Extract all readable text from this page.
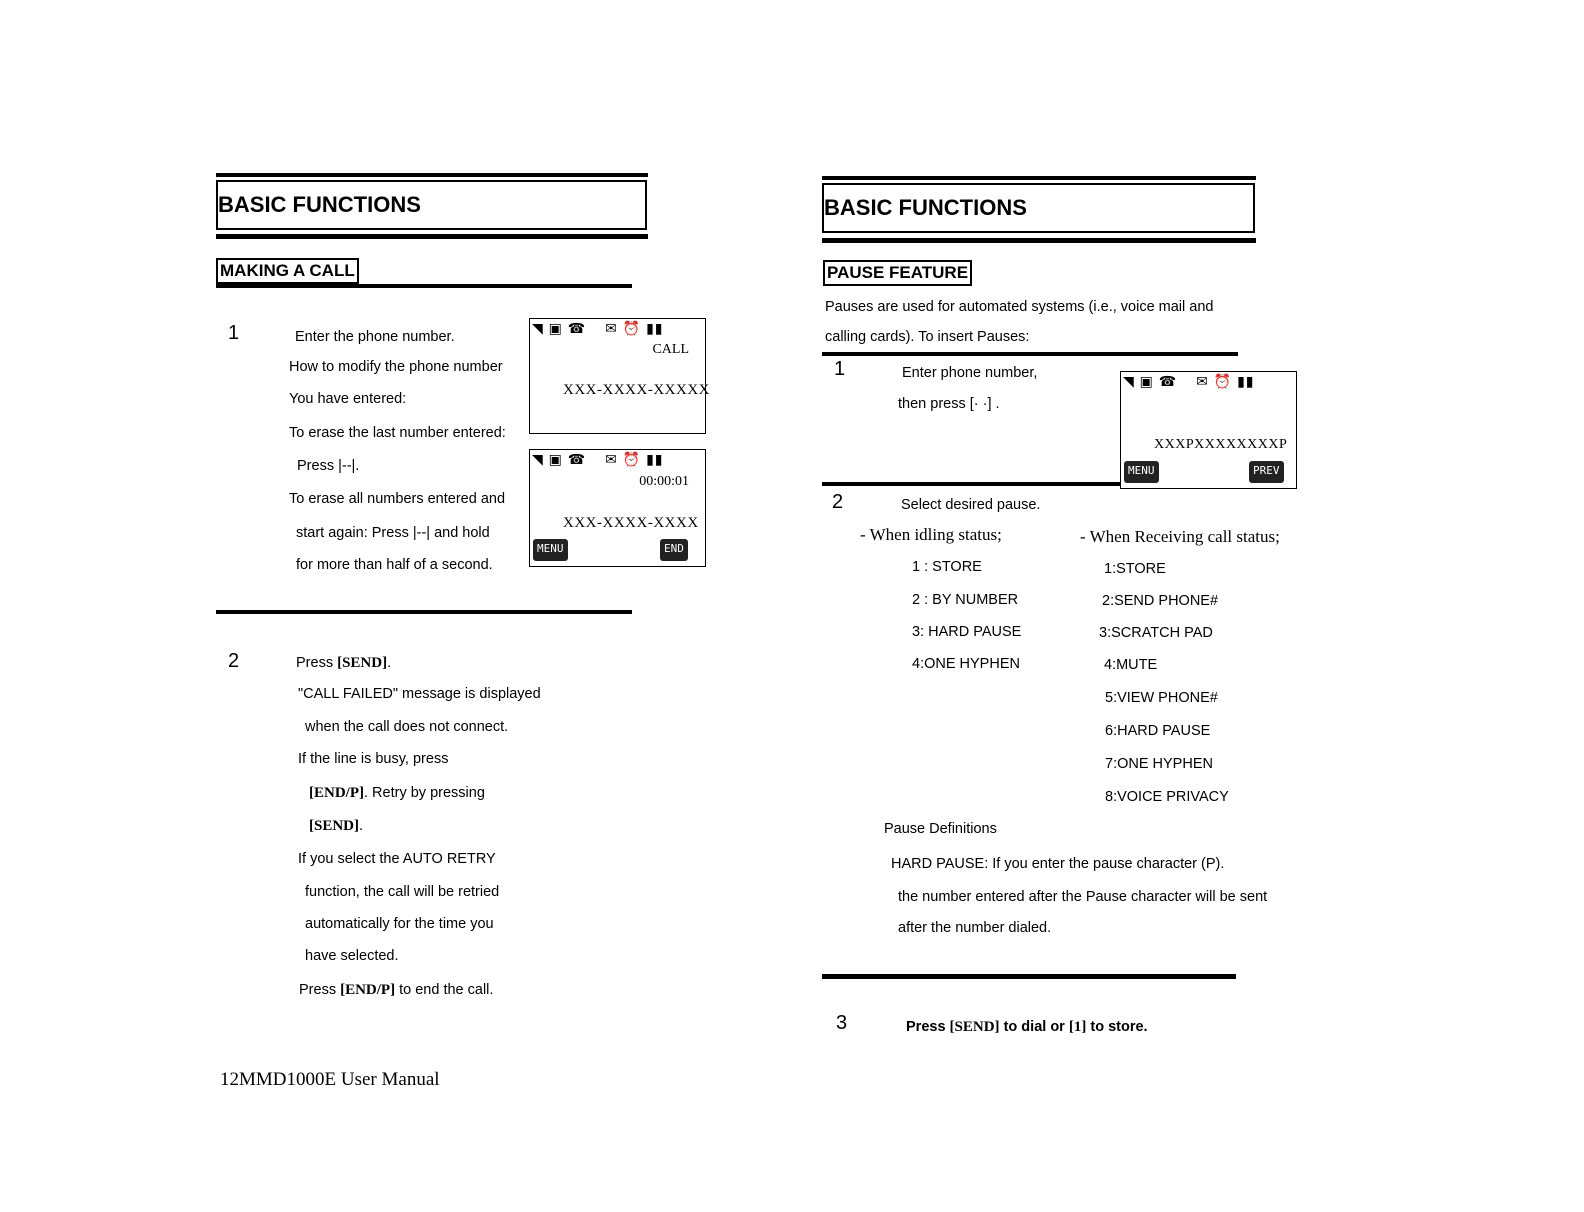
BASIC FUNCTIONS
MAKING A CALL
1	Enter the phone number.
How to modify the phone number
You have entered:
To erase the last number entered:
Press |--|.
To erase all numbers entered and
start again: Press |--| and hold
for more than half of a second.
◥ ▣ ☎ ✉ ⏰ ▮▮
CALL
XXX-XXXX-XXXXX
◥ ▣ ☎ ✉ ⏰ ▮▮
00:00:01
XXX-XXXX-XXXX
MENU	END
2	Press [SEND].
"CALL FAILED" message is displayed
when the call does not connect.
If the line is busy, press
[END/P]. Retry by pressing
[SEND].
If you select the AUTO RETRY
function, the call will be retried
automatically for the time you
have selected.
Press [END/P] to end the call.
12MMD1000E User Manual
BASIC FUNCTIONS
PAUSE FEATURE
Pauses are used for automated systems (i.e., voice mail and
calling cards). To insert Pauses:
1	Enter phone number,
then press [· ·] .
◥ ▣ ☎ ✉ ⏰ ▮▮
XXXPXXXXXXXXP
MENU	PREV
2	Select desired pause.
- When idling status;	- When Receiving call status;
1 : STORE
2 : BY NUMBER
3: HARD PAUSE
4:ONE HYPHEN
1:STORE
2:SEND PHONE#
3:SCRATCH PAD
4:MUTE
5:VIEW PHONE#
6:HARD PAUSE
7:ONE HYPHEN
8:VOICE PRIVACY
Pause Definitions
HARD PAUSE: If you enter the pause character (P).
the number entered after the Pause character will be sent
after the number dialed.
3	Press [SEND] to dial or [1] to store.
